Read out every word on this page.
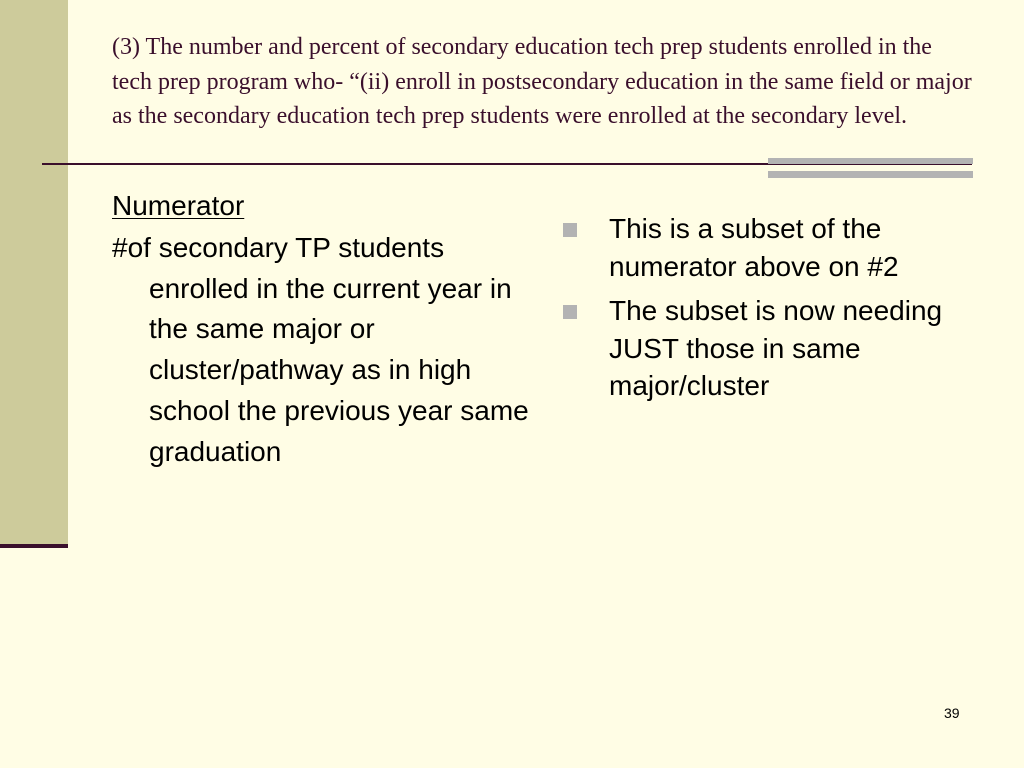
(3) The number and percent of secondary education tech prep students enrolled in the tech prep program who- “(ii) enroll in postsecondary education in the same field or major as the secondary education tech prep students were enrolled at the secondary level.

Numerator

#of secondary TP students enrolled in the current year in the same major or cluster/pathway as in high school the previous year same graduation

This is a subset of the numerator above on #2
The subset is now needing JUST those in same major/cluster
39
